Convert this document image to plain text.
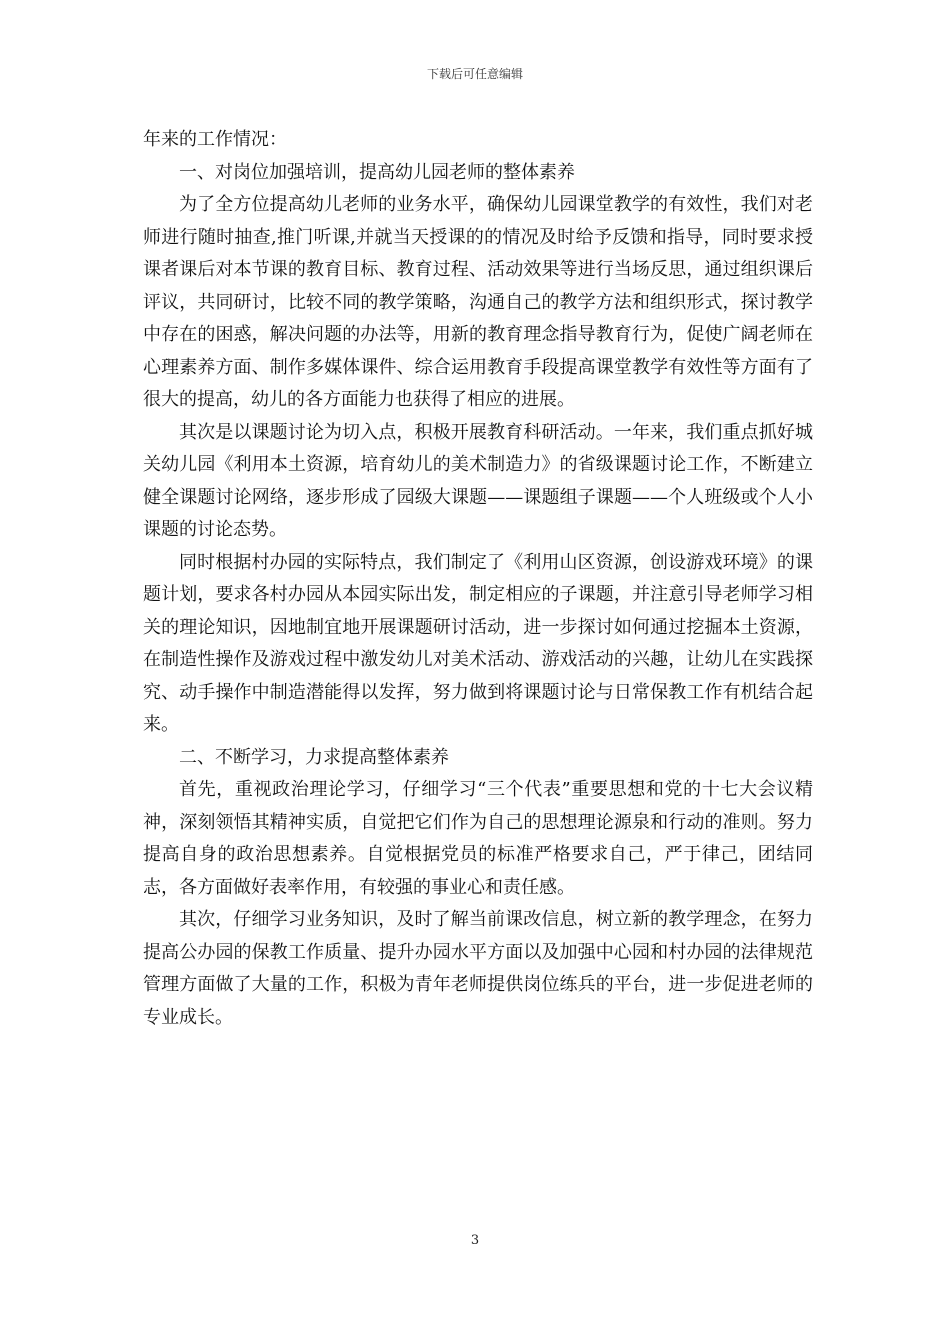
下载后可任意编辑

年来的工作情况：

一、对岗位加强培训，提高幼儿园老师的整体素养

为了全方位提高幼儿老师的业务水平，确保幼儿园课堂教学的有效性，我们对老师进行随时抽查,推门听课,并就当天授课的的情况及时给予反馈和指导，同时要求授课者课后对本节课的教育目标、教育过程、活动效果等进行当场反思，通过组织课后评议，共同研讨，比较不同的教学策略，沟通自己的教学方法和组织形式，探讨教学中存在的困惑，解决问题的办法等，用新的教育理念指导教育行为，促使广阔老师在心理素养方面、制作多媒体课件、综合运用教育手段提高课堂教学有效性等方面有了很大的提高，幼儿的各方面能力也获得了相应的进展。

其次是以课题讨论为切入点，积极开展教育科研活动。一年来，我们重点抓好城关幼儿园《利用本土资源，培育幼儿的美术制造力》的省级课题讨论工作，不断建立健全课题讨论网络，逐步形成了园级大课题——课题组子课题——个人班级或个人小课题的讨论态势。

同时根据村办园的实际特点，我们制定了《利用山区资源，创设游戏环境》的课题计划，要求各村办园从本园实际出发，制定相应的子课题，并注意引导老师学习相关的理论知识，因地制宜地开展课题研讨活动，进一步探讨如何通过挖掘本土资源，在制造性操作及游戏过程中激发幼儿对美术活动、游戏活动的兴趣，让幼儿在实践探究、动手操作中制造潜能得以发挥，努力做到将课题讨论与日常保教工作有机结合起来。

二、不断学习，力求提高整体素养

首先，重视政治理论学习，仔细学习“三个代表”重要思想和党的十七大会议精神，深刻领悟其精神实质，自觉把它们作为自己的思想理论源泉和行动的准则。努力提高自身的政治思想素养。自觉根据党员的标准严格要求自己，严于律己，团结同志，各方面做好表率作用，有较强的事业心和责任感。

其次，仔细学习业务知识，及时了解当前课改信息，树立新的教学理念，在努力提高公办园的保教工作质量、提升办园水平方面以及加强中心园和村办园的法律规范管理方面做了大量的工作，积极为青年老师提供岗位练兵的平台，进一步促进老师的专业成长。

3
